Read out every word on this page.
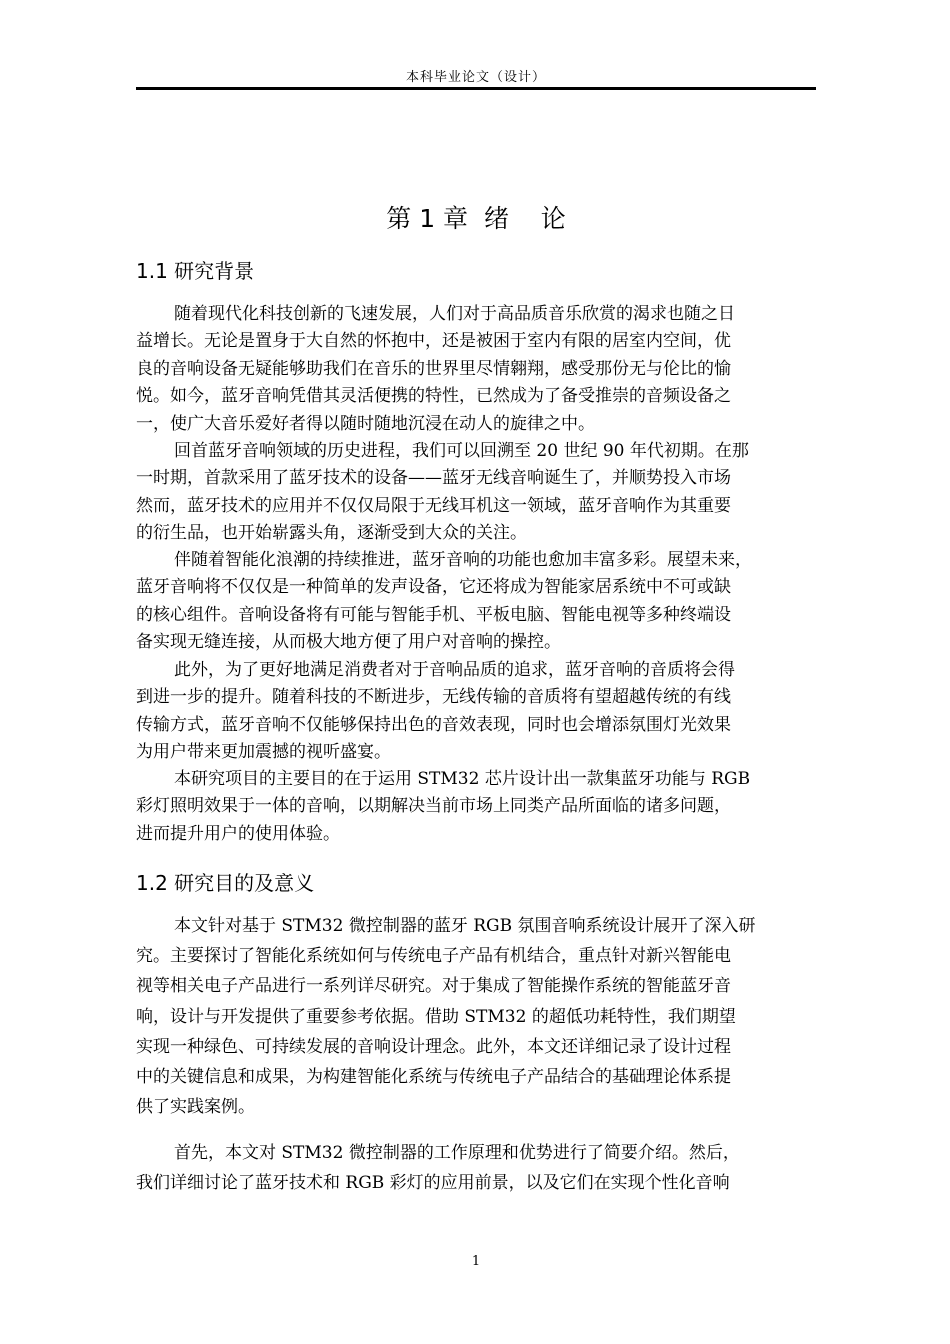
本科毕业论文（设计）
第 1 章  绪    论
1.1 研究背景
随着现代化科技创新的飞速发展，人们对于高品质音乐欣赏的渴求也随之日
益增长。无论是置身于大自然的怀抱中，还是被困于室内有限的居室内空间，优
良的音响设备无疑能够助我们在音乐的世界里尽情翱翔，感受那份无与伦比的愉
悦。如今，蓝牙音响凭借其灵活便携的特性，已然成为了备受推崇的音频设备之
一，使广大音乐爱好者得以随时随地沉浸在动人的旋律之中。
回首蓝牙音响领域的历史进程，我们可以回溯至 20 世纪 90 年代初期。在那
一时期，首款采用了蓝牙技术的设备——蓝牙无线音响诞生了，并顺势投入市场
然而，蓝牙技术的应用并不仅仅局限于无线耳机这一领域，蓝牙音响作为其重要
的衍生品，也开始崭露头角，逐渐受到大众的关注。
伴随着智能化浪潮的持续推进，蓝牙音响的功能也愈加丰富多彩。展望未来，
蓝牙音响将不仅仅是一种简单的发声设备，它还将成为智能家居系统中不可或缺
的核心组件。音响设备将有可能与智能手机、平板电脑、智能电视等多种终端设
备实现无缝连接，从而极大地方便了用户对音响的操控。
此外，为了更好地满足消费者对于音响品质的追求，蓝牙音响的音质将会得
到进一步的提升。随着科技的不断进步，无线传输的音质将有望超越传统的有线
传输方式，蓝牙音响不仅能够保持出色的音效表现，同时也会增添氛围灯光效果
为用户带来更加震撼的视听盛宴。
本研究项目的主要目的在于运用 STM32 芯片设计出一款集蓝牙功能与 RGB
彩灯照明效果于一体的音响，以期解决当前市场上同类产品所面临的诸多问题，
进而提升用户的使用体验。
1.2 研究目的及意义
本文针对基于 STM32 微控制器的蓝牙 RGB 氛围音响系统设计展开了深入研
究。主要探讨了智能化系统如何与传统电子产品有机结合，重点针对新兴智能电
视等相关电子产品进行一系列详尽研究。对于集成了智能操作系统的智能蓝牙音
响，设计与开发提供了重要参考依据。借助 STM32 的超低功耗特性，我们期望
实现一种绿色、可持续发展的音响设计理念。此外，本文还详细记录了设计过程
中的关键信息和成果，为构建智能化系统与传统电子产品结合的基础理论体系提
供了实践案例。
首先，本文对 STM32 微控制器的工作原理和优势进行了简要介绍。然后，
我们详细讨论了蓝牙技术和 RGB 彩灯的应用前景，以及它们在实现个性化音响
1
